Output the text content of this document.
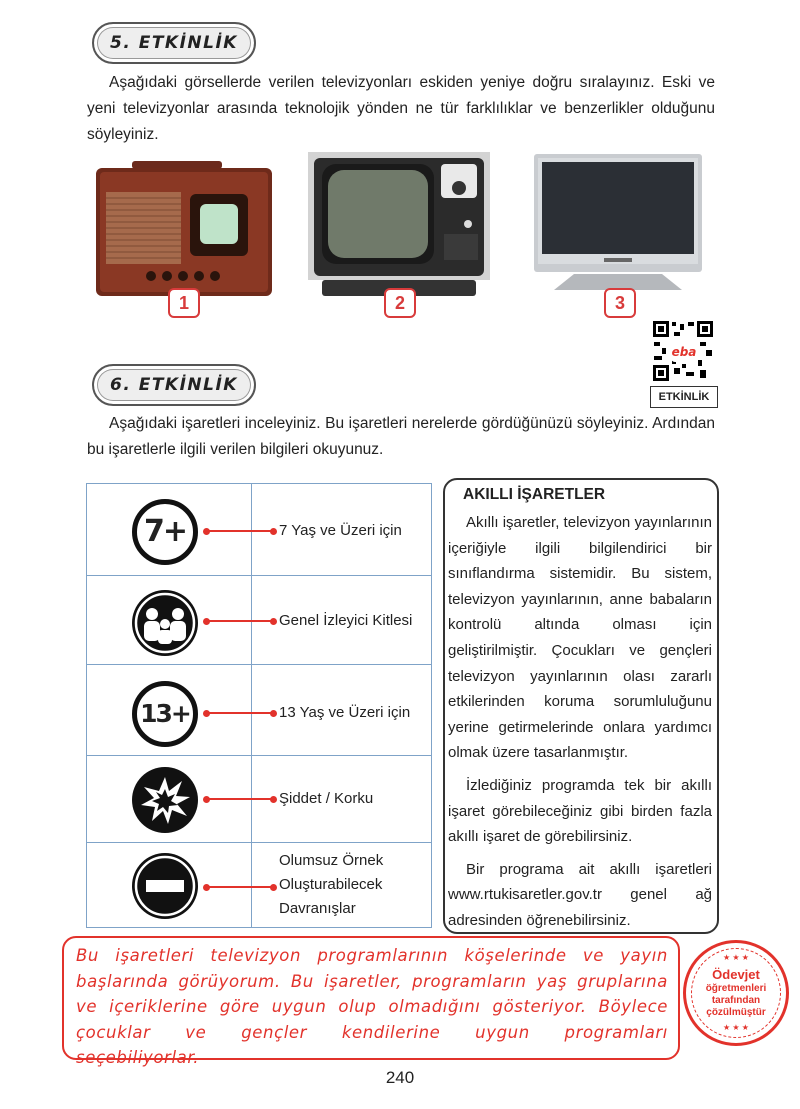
5. ETKİNLİK
Aşağıdaki görsellerde verilen televizyonları eskiden yeniye doğru sıralayınız. Eski ve yeni televizyonlar arasında teknolojik yönden ne tür farklılıklar ve benzerlikler olduğunu söyleyiniz.
1	2	3
eba
ETKİNLİK
6. ETKİNLİK
Aşağıdaki işaretleri inceleyiniz. Bu işaretleri nerelerde gördüğünüzü söyleyiniz. Ardından bu işaretlerle ilgili verilen bilgileri okuyunuz.
7+	7 Yaş ve Üzeri için
Genel İzleyici Kitlesi
13+	13 Yaş ve Üzeri için
Şiddet / Korku
Olumsuz Örnek
Oluşturabilecek
Davranışlar
AKILLI İŞARETLER

Akıllı işaretler, televizyon yayınlarının içeriğiyle ilgili bilgilendirici bir sınıflandırma sistemidir. Bu sistem, televizyon yayınlarının, anne babaların kontrolü altında olması için geliştirilmiştir. Çocukları ve gençleri televizyon yayınlarının olası zararlı etkilerinden koruma sorumluluğunu yerine getirmelerinde onlara yardımcı olmak üzere tasarlanmıştır.

İzlediğiniz programda tek bir akıllı işaret görebileceğiniz gibi birden fazla akıllı işaret de görebilirsiniz.

Bir programa ait akıllı işaretleri www.rtukisaretler.gov.tr genel ağ adresinden öğrenebilirsiniz.

Bu işaretleri televizyon programlarının köşelerinde ve yayın başlarında görüyorum. Bu işaretler, programların yaş gruplarına ve içeriklerine göre uygun olup olmadığını gösteriyor. Böylece çocuklar ve gençler kendilerine uygun programları seçebiliyorlar.
★ ★ ★
Ödevjet
öğretmenleri
tarafından
çözülmüştür
★ ★ ★
240
